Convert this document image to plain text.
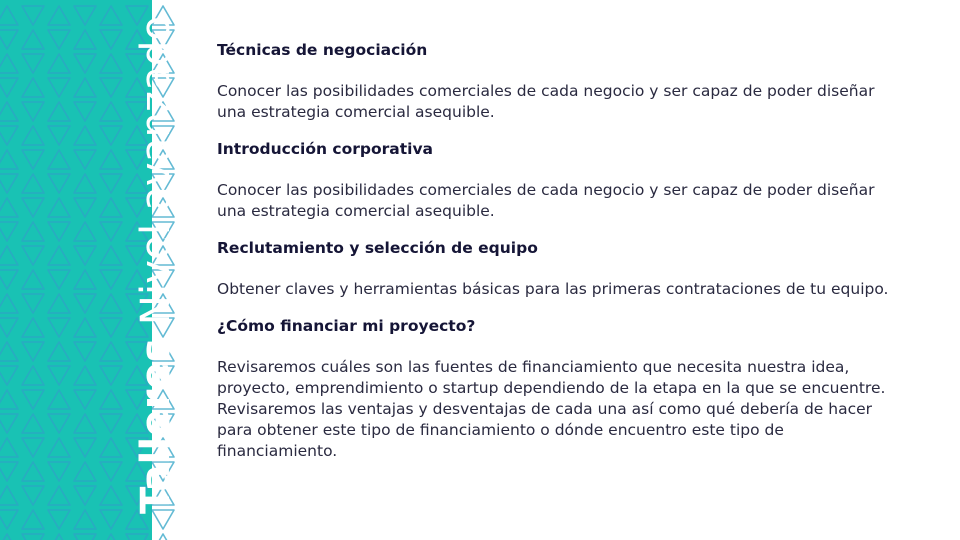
Talleres Nivel avanzado Técnicas de negociación
Conocer las posibilidades comerciales de cada negocio y ser capaz de poder diseñar
una estrategia comercial asequible.
Introducción corporativa
Conocer las posibilidades comerciales de cada negocio y ser capaz de poder diseñar
una estrategia comercial asequible.
Reclutamiento y selección de equipo
Obtener claves y herramientas básicas para las primeras contrataciones de tu equipo.
¿Cómo financiar mi proyecto?
Revisaremos cuáles son las fuentes de financiamiento que necesita nuestra idea,
proyecto, emprendimiento o startup dependiendo de la etapa en la que se encuentre.
Revisaremos las ventajas y desventajas de cada una así como qué debería de hacer
para obtener este tipo de financiamiento o dónde encuentro este tipo de
financiamiento.
